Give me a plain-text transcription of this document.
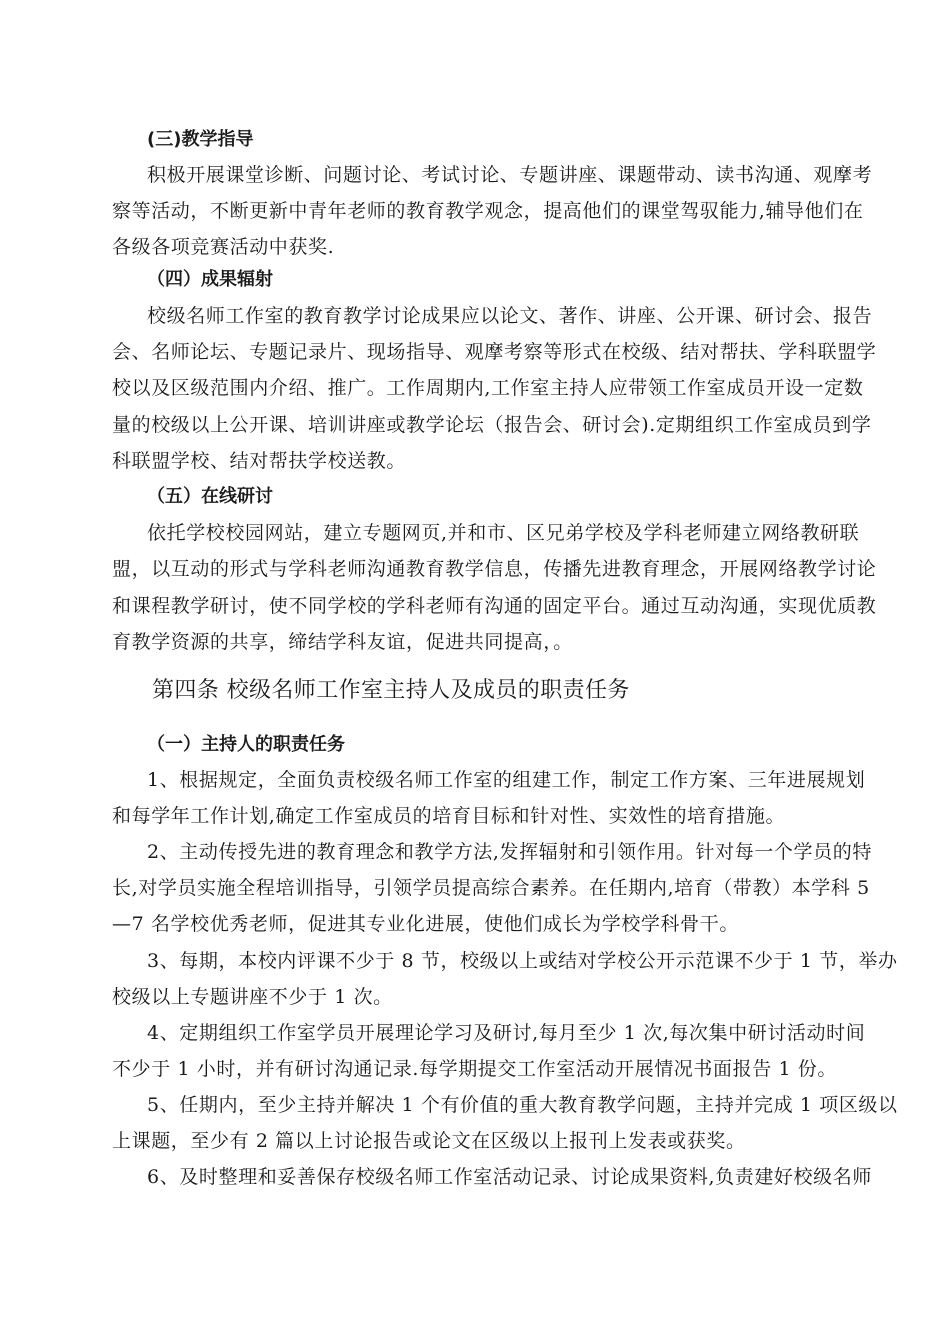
(三)教学指导
积极开展课堂诊断、问题讨论、考试讨论、专题讲座、课题带动、读书沟通、观摩考
察等活动，不断更新中青年老师的教育教学观念，提高他们的课堂驾驭能力,辅导他们在
各级各项竞赛活动中获奖.
（四）成果辐射
校级名师工作室的教育教学讨论成果应以论文、著作、讲座、公开课、研讨会、报告
会、名师论坛、专题记录片、现场指导、观摩考察等形式在校级、结对帮扶、学科联盟学
校以及区级范围内介绍、推广。工作周期内,工作室主持人应带领工作室成员开设一定数
量的校级以上公开课、培训讲座或教学论坛（报告会、研讨会).定期组织工作室成员到学
科联盟学校、结对帮扶学校送教。
（五）在线研讨
依托学校校园网站，建立专题网页,并和市、区兄弟学校及学科老师建立网络教研联
盟，以互动的形式与学科老师沟通教育教学信息，传播先进教育理念，开展网络教学讨论
和课程教学研讨，使不同学校的学科老师有沟通的固定平台。通过互动沟通，实现优质教
育教学资源的共享，缔结学科友谊，促进共同提高，。
第四条 校级名师工作室主持人及成员的职责任务
（一）主持人的职责任务
1、根据规定，全面负责校级名师工作室的组建工作，制定工作方案、三年进展规划
和每学年工作计划,确定工作室成员的培育目标和针对性、实效性的培育措施。
2、主动传授先进的教育理念和教学方法,发挥辐射和引领作用。针对每一个学员的特
长,对学员实施全程培训指导，引领学员提高综合素养。在任期内,培育（带教）本学科 5
—7 名学校优秀老师，促进其专业化进展，使他们成长为学校学科骨干。
3、每期，本校内评课不少于 8 节，校级以上或结对学校公开示范课不少于 1 节，举办
校级以上专题讲座不少于 1 次。
4、定期组织工作室学员开展理论学习及研讨,每月至少 1 次,每次集中研讨活动时间
不少于 1 小时，并有研讨沟通记录.每学期提交工作室活动开展情况书面报告 1 份。
5、任期内，至少主持并解决 1 个有价值的重大教育教学问题，主持并完成 1 项区级以
上课题，至少有 2 篇以上讨论报告或论文在区级以上报刊上发表或获奖。
6、及时整理和妥善保存校级名师工作室活动记录、讨论成果资料,负责建好校级名师
